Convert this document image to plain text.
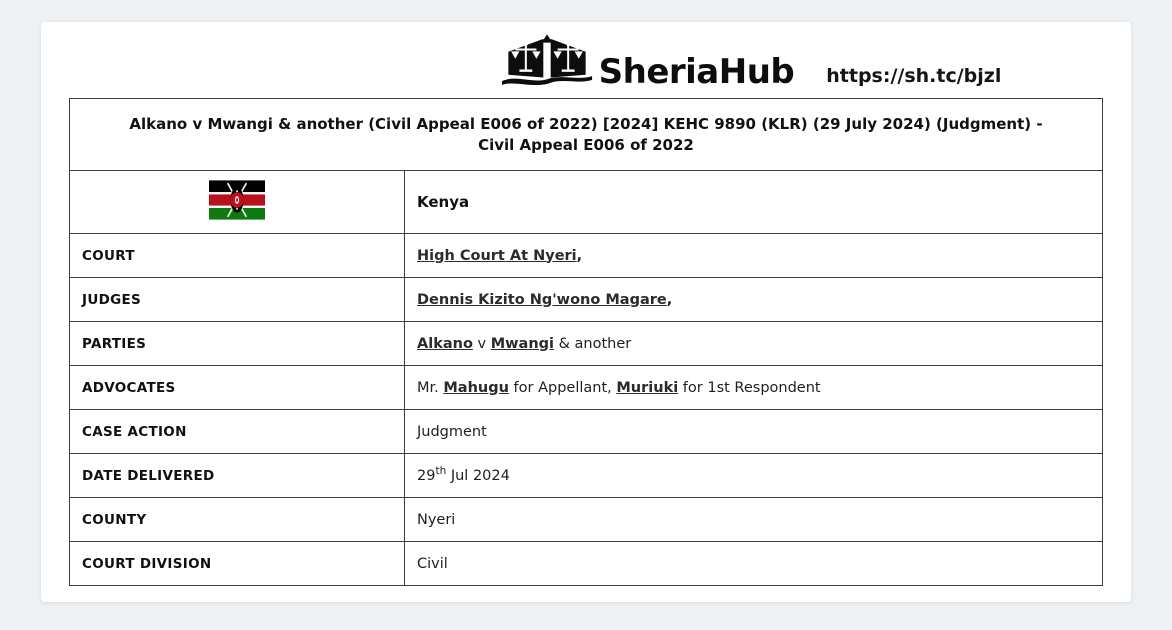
SheriaHub https://sh.tc/bjzl
Alkano v Mwangi & another (Civil Appeal E006 of 2022) [2024] KEHC 9890 (KLR) (29 July 2024) (Judgment) - Civil Appeal E006 of 2022	
	Kenya
COURT	High Court At Nyeri,
JUDGES	Dennis Kizito Ng'wono Magare,
PARTIES	Alkano v Mwangi & another
ADVOCATES	Mr. Mahugu for Appellant, Muriuki for 1st Respondent
CASE ACTION	Judgment
DATE DELIVERED	29th Jul 2024
COUNTY	Nyeri
COURT DIVISION	Civil
